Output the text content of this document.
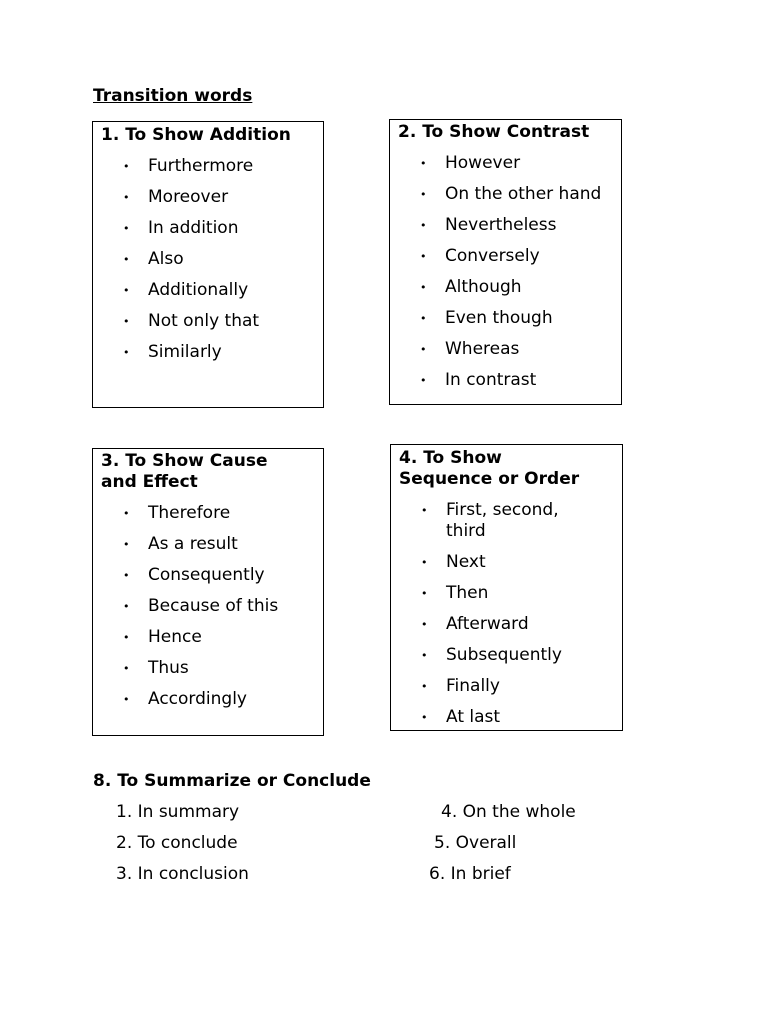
Transition words
1. To Show Addition
• Furthermore
• Moreover
• In addition
• Also
• Additionally
• Not only that
• Similarly
2. To Show Contrast
• However
• On the other hand
• Nevertheless
• Conversely
• Although
• Even though
• Whereas
• In contrast
3. To Show Cause
and Effect
• Therefore
• As a result
• Consequently
• Because of this
• Hence
• Thus
• Accordingly
4. To Show
Sequence or Order
• First, second, third
• Next
• Then
• Afterward
• Subsequently
• Finally
• At last
8. To Summarize or Conclude
1. In summary
2. To conclude
3. In conclusion
4. On the whole
5. Overall
6. In brief
